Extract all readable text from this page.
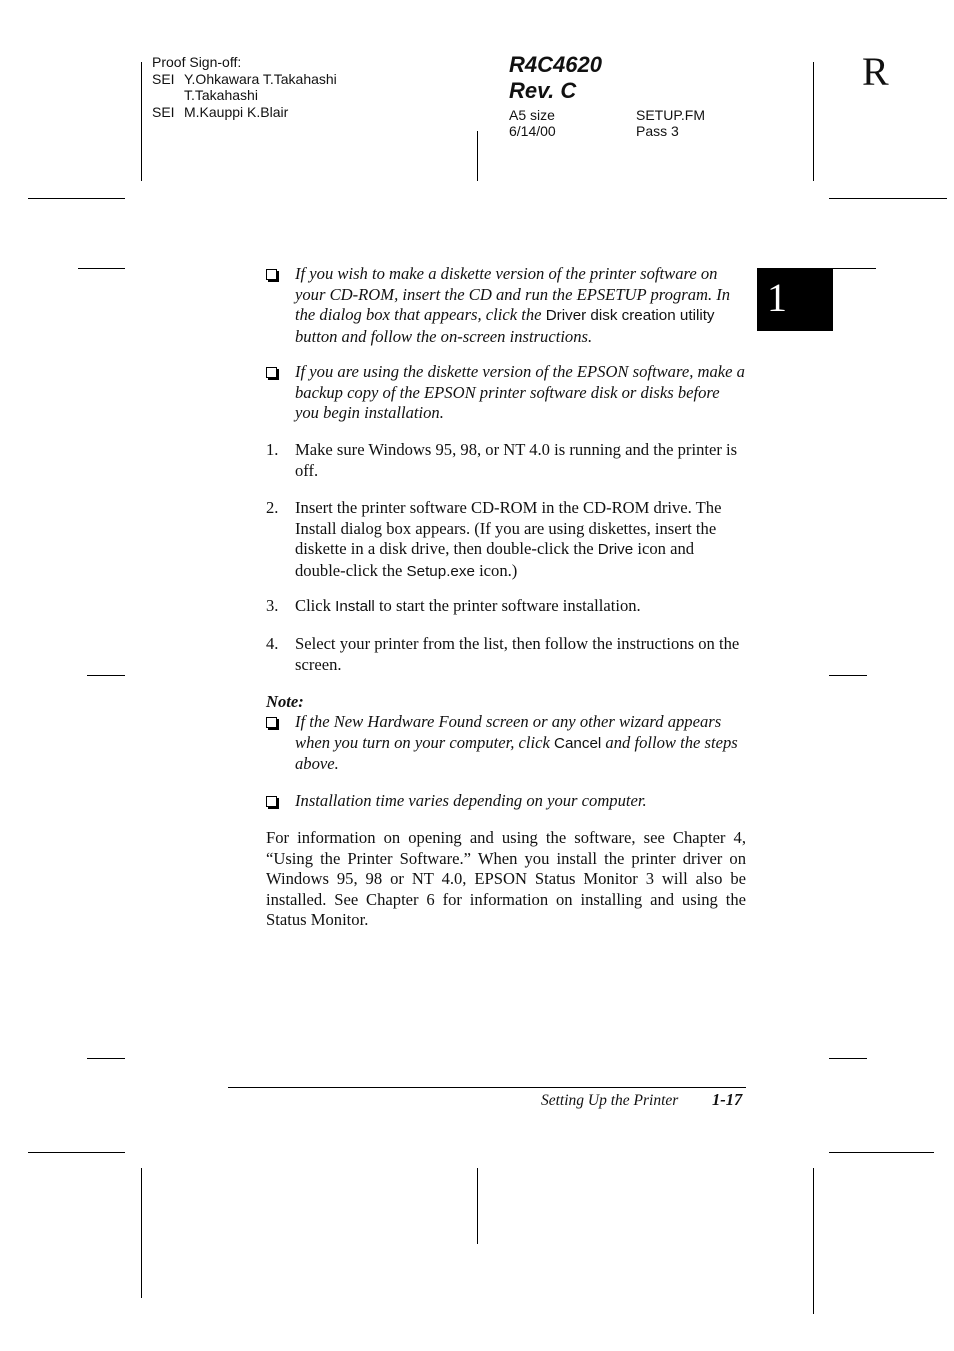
Proof Sign-off:
SEI Y.Ohkawara T.Takahashi
T.Takahashi
SEI M.Kauppi K.Blair
R4C4620
Rev. C
A5 size
6/14/00
SETUP.FM
Pass 3
R
1
If you wish to make a diskette version of the printer software on your CD-ROM, insert the CD and run the EPSETUP program. In the dialog box that appears, click the Driver disk creation utility button and follow the on-screen instructions.
If you are using the diskette version of the EPSON software, make a backup copy of the EPSON printer software disk or disks before you begin installation.
1. Make sure Windows 95, 98, or NT 4.0 is running and the printer is off.
2. Insert the printer software CD-ROM in the CD-ROM drive. The Install dialog box appears. (If you are using diskettes, insert the diskette in a disk drive, then double-click the Drive icon and double-click the Setup.exe icon.)
3. Click Install to start the printer software installation.
4. Select your printer from the list, then follow the instructions on the screen.
Note:
If the New Hardware Found screen or any other wizard appears when you turn on your computer, click Cancel and follow the steps above.
Installation time varies depending on your computer.
For information on opening and using the software, see Chapter 4, “Using the Printer Software.” When you install the printer driver on Windows 95, 98 or NT 4.0, EPSON Status Monitor 3 will also be installed. See Chapter 6 for information on installing and using the Status Monitor.
Setting Up the Printer 1-17
